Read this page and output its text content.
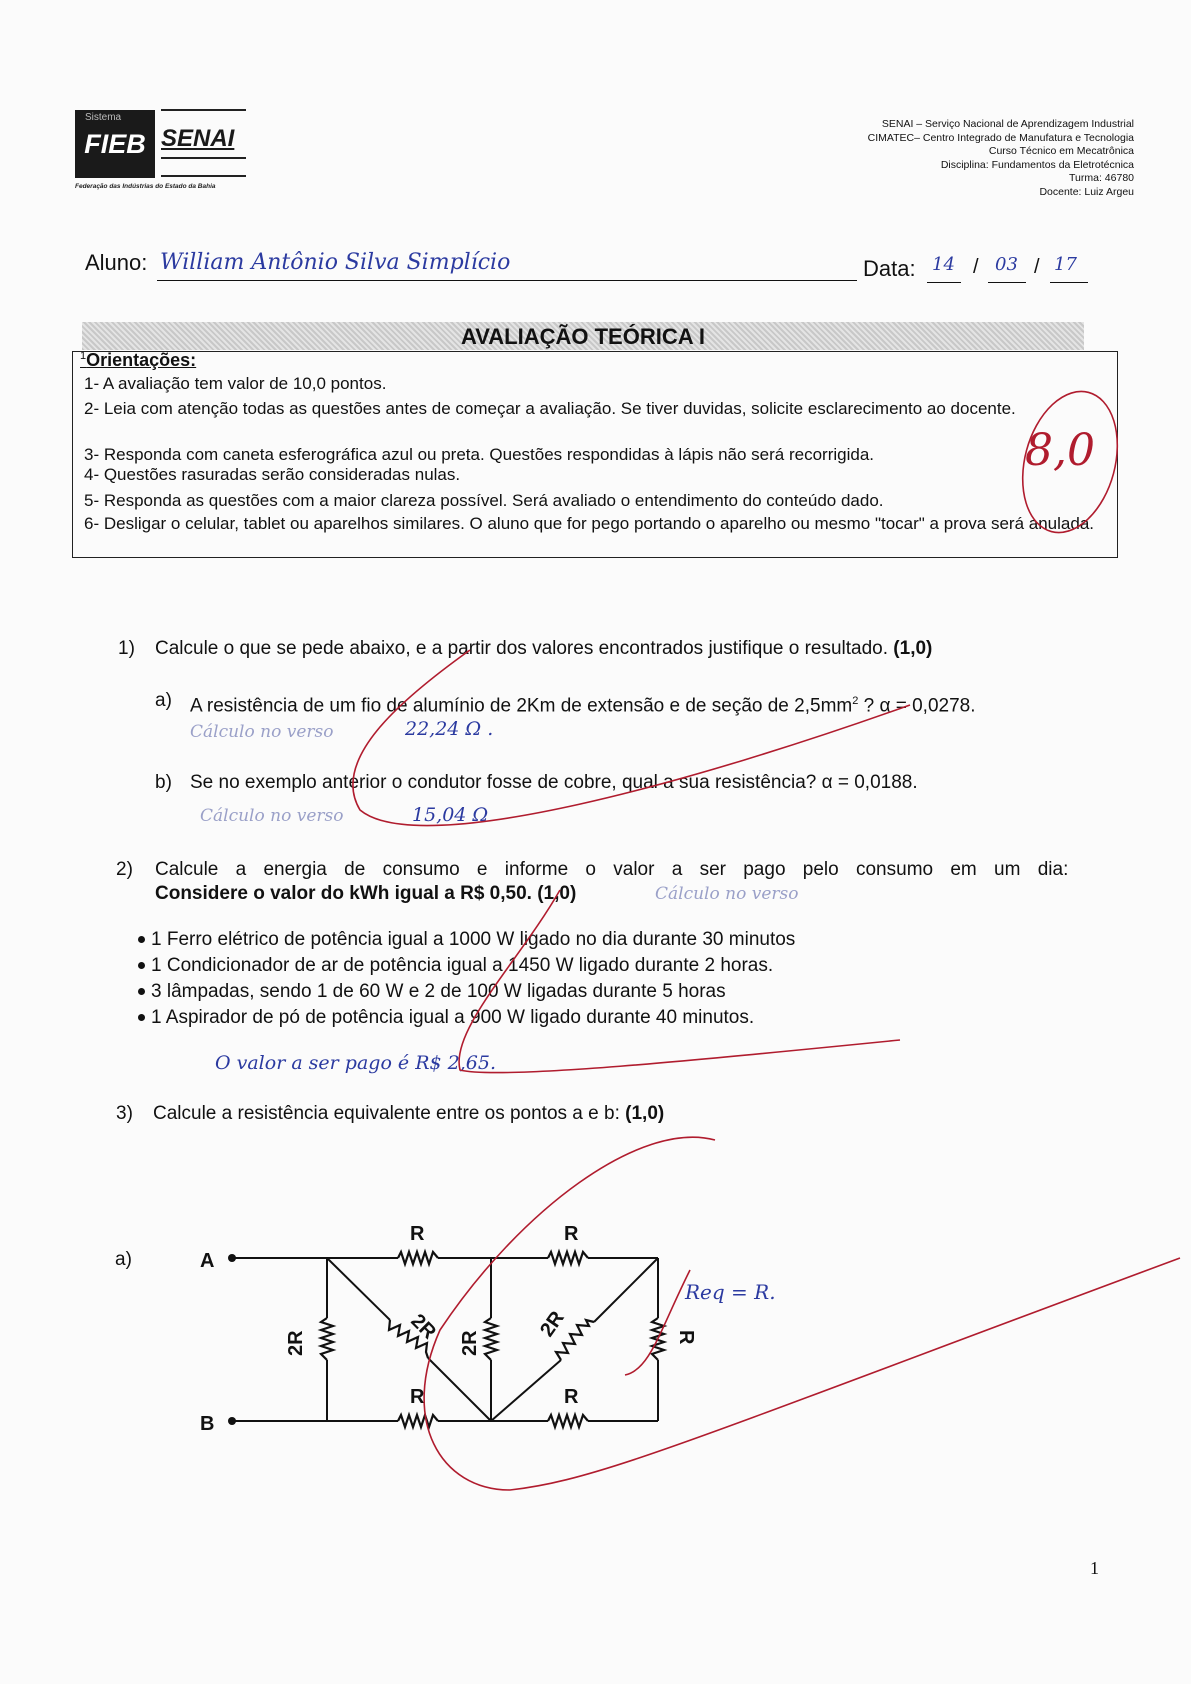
Sistema
FIEB SENAI
Federação das Indústrias do Estado da Bahia
SENAI – Serviço Nacional de Aprendizagem Industrial
CIMATEC– Centro Integrado de Manufatura e Tecnologia
Curso Técnico em Mecatrônica
Disciplina: Fundamentos da Eletrotécnica
Turma: 46780
Docente: Luiz Argeu
Aluno: William Antônio Silva Simplício	Data: 14 / 03 / 17
AVALIAÇÃO TEÓRICA I
$^1$Orientações:
1- A avaliação tem valor de 10,0 pontos.
2- Leia com atenção todas as questões antes de começar a avaliação. Se tiver duvidas, solicite esclarecimento ao docente.
3- Responda com caneta esferográfica azul ou preta. Questões respondidas à lápis não será recorrigida.
4- Questões rasuradas serão consideradas nulas.
5- Responda as questões com a maior clareza possível. Será avaliado o entendimento do conteúdo dado.
6- Desligar o celular, tablet ou aparelhos similares. O aluno que for pego portando o aparelho ou mesmo "tocar" a prova será anulada.
8,0
1) Calcule o que se pede abaixo, e a partir dos valores encontrados justifique o resultado. (1,0)
a) A resistência de um fio de alumínio de 2Km de extensão e de seção de $2,5mm^2$ ? α = 0,0278.
Cálculo no verso	22,24 Ω .
b) Se no exemplo anterior o condutor fosse de cobre, qual a sua resistência? α = 0,0188.
Cálculo no verso	15,04 Ω
2) Calcule a energia de consumo e informe o valor a ser pago pelo consumo em um dia:
Considere o valor do kWh igual a R$ 0,50. (1,0)	Cálculo no verso
1 Ferro elétrico de potência igual a 1000 W ligado no dia durante 30 minutos
1 Condicionador de ar de potência igual a 1450 W ligado durante 2 horas.
3 lâmpadas, sendo 1 de 60 W e 2 de 100 W ligadas durante 5 horas
1 Aspirador de pó de potência igual a 900 W ligado durante 40 minutos.
O valor a ser pago é R$ 2,65.
3) Calcule a resistência equivalente entre os pontos a e b: (1,0)
a)
Req = R.
A
B
R	R
R	R
2R	2R	R
2R	2R
1
